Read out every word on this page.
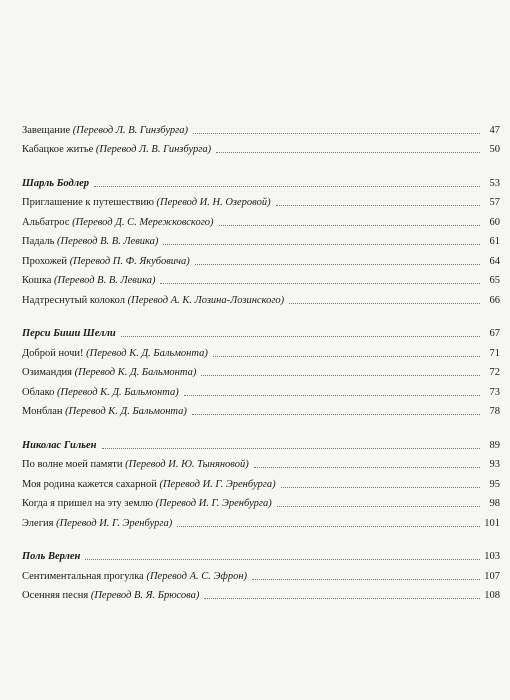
Завещание (Перевод Л. В. Гинзбурга)	47
Кабацкое житье (Перевод Л. В. Гинзбурга)	50
Шарль Бодлер	53
Приглашение к путешествию (Перевод И. Н. Озеровой)	57
Альбатрос (Перевод Д. С. Мережковского)	60
Падаль (Перевод В. В. Левика)	61
Прохожей (Перевод П. Ф. Якубовича)	64
Кошка (Перевод В. В. Левика)	65
Надтреснутый колокол (Перевод А. К. Лозина-Лозинского)	66
Перси Биши Шелли	67
Доброй ночи! (Перевод К. Д. Бальмонта)	71
Озимандия (Перевод К. Д. Бальмонта)	72
Облако (Перевод К. Д. Бальмонта)	73
Монблан (Перевод К. Д. Бальмонта)	78
Николас Гильен	89
По волне моей памяти (Перевод И. Ю. Тыняновой)	93
Моя родина кажется сахарной (Перевод И. Г. Эренбурга)	95
Когда я пришел на эту землю (Перевод И. Г. Эренбурга)	98
Элегия (Перевод И. Г. Эренбурга)	101
Поль Верлен	103
Сентиментальная прогулка (Перевод А. С. Эфрон)	107
Осенняя песня (Перевод В. Я. Брюсова)	108
